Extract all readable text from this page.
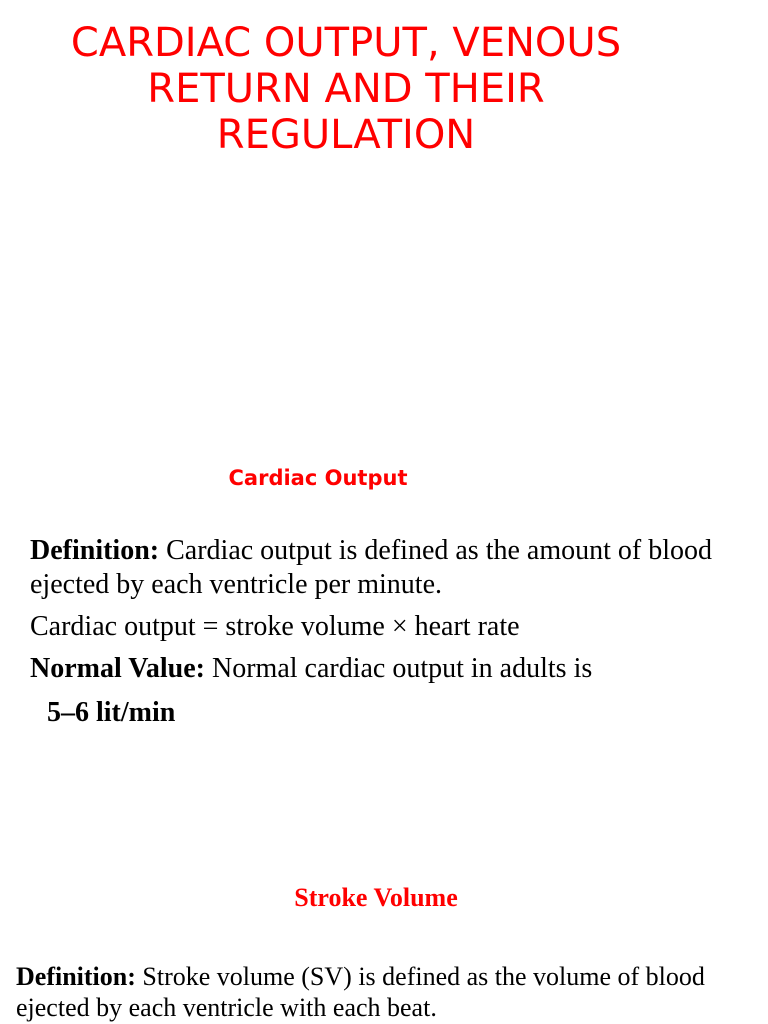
CARDIAC OUTPUT, VENOUS
RETURN AND THEIR
REGULATION
Cardiac Output

Definition: Cardiac output is defined as the amount of blood ejected by each ventricle per minute.

Cardiac output = stroke volume × heart rate

Normal Value: Normal cardiac output in adults is

5–6 lit/min
Stroke Volume

Definition: Stroke volume (SV) is defined as the volume of blood ejected by each ventricle with each beat.
